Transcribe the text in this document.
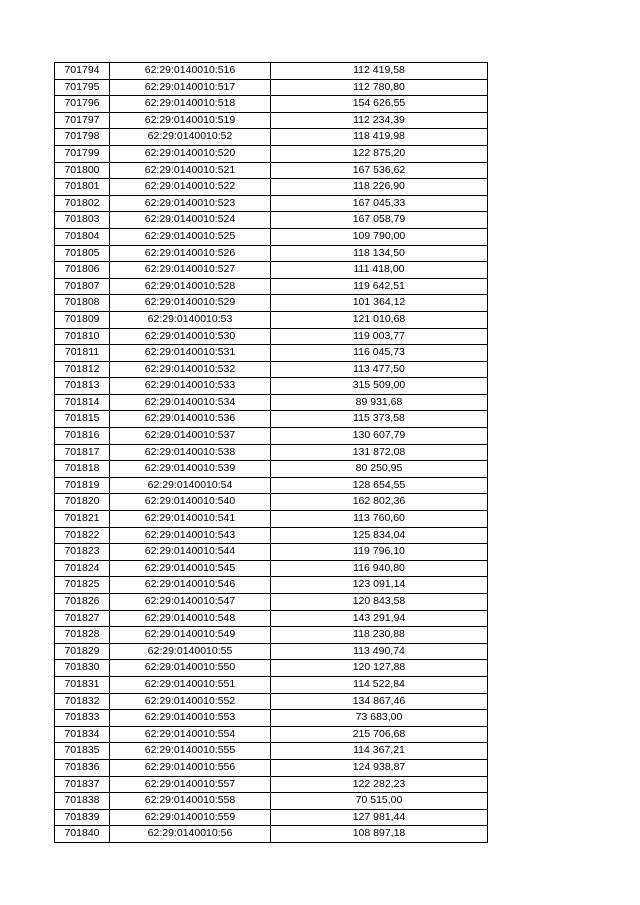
701794	62:29:0140010:516	112 419,58
701795	62:29:0140010:517	112 780,80
701796	62:29:0140010:518	154 626,55
701797	62:29:0140010:519	112 234,39
701798	62:29:0140010:52	118 419,98
701799	62:29:0140010:520	122 875,20
701800	62:29:0140010:521	167 536,62
701801	62:29:0140010:522	118 226,90
701802	62:29:0140010:523	167 045,33
701803	62:29:0140010:524	167 058,79
701804	62:29:0140010:525	109 790,00
701805	62:29:0140010:526	118 134,50
701806	62:29:0140010:527	111 418,00
701807	62:29:0140010:528	119 642,51
701808	62:29:0140010:529	101 364,12
701809	62:29:0140010:53	121 010,68
701810	62:29:0140010:530	119 003,77
701811	62:29:0140010:531	116 045,73
701812	62:29:0140010:532	113 477,50
701813	62:29:0140010:533	315 509,00
701814	62:29:0140010:534	89 931,68
701815	62:29:0140010:536	115 373,58
701816	62:29:0140010:537	130 607,79
701817	62:29:0140010:538	131 872,08
701818	62:29:0140010:539	80 250,95
701819	62:29:0140010:54	128 654,55
701820	62:29:0140010:540	162 802,36
701821	62:29:0140010:541	113 760,60
701822	62:29:0140010:543	125 834,04
701823	62:29:0140010:544	119 796,10
701824	62:29:0140010:545	116 940,80
701825	62:29:0140010:546	123 091,14
701826	62:29:0140010:547	120 843,58
701827	62:29:0140010:548	143 291,94
701828	62:29:0140010:549	118 230,88
701829	62:29:0140010:55	113 490,74
701830	62:29:0140010:550	120 127,88
701831	62:29:0140010:551	114 522,84
701832	62:29:0140010:552	134 867,46
701833	62:29:0140010:553	73 683,00
701834	62:29:0140010:554	215 706,68
701835	62:29:0140010:555	114 367,21
701836	62:29:0140010:556	124 938,87
701837	62:29:0140010:557	122 282,23
701838	62:29:0140010:558	70 515,00
701839	62:29:0140010:559	127 981,44
701840	62:29:0140010:56	108 897,18
